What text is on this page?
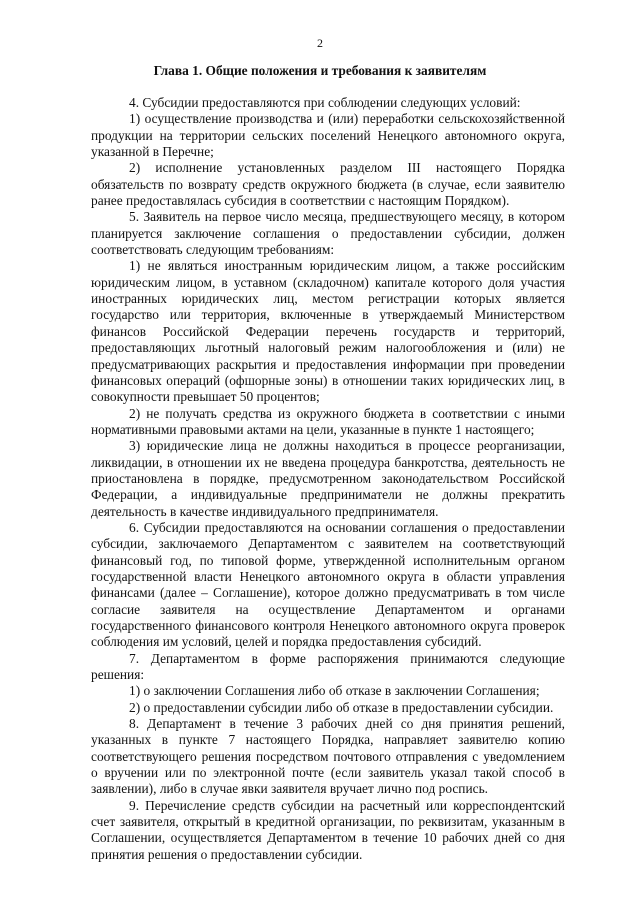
2
Глава 1. Общие положения и требования к заявителям

4. Субсидии предоставляются при соблюдении следующих условий:

1) осуществление производства и (или) переработки сельскохозяйственной продукции на территории сельских поселений Ненецкого автономного округа, указанной в Перечне;

2) исполнение установленных разделом III настоящего Порядка обязательств по возврату средств окружного бюджета (в случае, если заявителю ранее предоставлялась субсидия в соответствии с настоящим Порядком).

5. Заявитель на первое число месяца, предшествующего месяцу, в котором планируется заключение соглашения о предоставлении субсидии, должен соответствовать следующим требованиям:

1) не являться иностранным юридическим лицом, а также российским юридическим лицом, в уставном (складочном) капитале которого доля участия иностранных юридических лиц, местом регистрации которых является государство или территория, включенные в утверждаемый Министерством финансов Российской Федерации перечень государств и территорий, предоставляющих льготный налоговый режим налогообложения и (или) не предусматривающих раскрытия и предоставления информации при проведении финансовых операций (офшорные зоны) в отношении таких юридических лиц, в совокупности превышает 50 процентов;

2) не получать средства из окружного бюджета в соответствии с иными нормативными правовыми актами на цели, указанные в пункте 1 настоящего;

3) юридические лица не должны находиться в процессе реорганизации, ликвидации, в отношении их не введена процедура банкротства, деятельность не приостановлена в порядке, предусмотренном законодательством Российской Федерации, а индивидуальные предприниматели не должны прекратить деятельность в качестве индивидуального предпринимателя.

6. Субсидии предоставляются на основании соглашения о предоставлении субсидии, заключаемого Департаментом с заявителем на соответствующий финансовый год, по типовой форме, утвержденной исполнительным органом государственной власти Ненецкого автономного округа в области управления финансами (далее – Соглашение), которое должно предусматривать в том числе согласие заявителя на осуществление Департаментом и органами государственного финансового контроля Ненецкого автономного округа проверок соблюдения им условий, целей и порядка предоставления субсидий.

7. Департаментом в форме распоряжения принимаются следующие решения:

1) о заключении Соглашения либо об отказе в заключении Соглашения;

2) о предоставлении субсидии либо об отказе в предоставлении субсидии.

8. Департамент в течение 3 рабочих дней со дня принятия решений, указанных в пункте 7 настоящего Порядка, направляет заявителю копию соответствующего решения посредством почтового отправления с уведомлением о вручении или по электронной почте (если заявитель указал такой способ в заявлении), либо в случае явки заявителя вручает лично под роспись.

9. Перечисление средств субсидии на расчетный или корреспондентский счет заявителя, открытый в кредитной организации, по реквизитам, указанным в Соглашении, осуществляется Департаментом в течение 10 рабочих дней со дня принятия решения о предоставлении субсидии.
